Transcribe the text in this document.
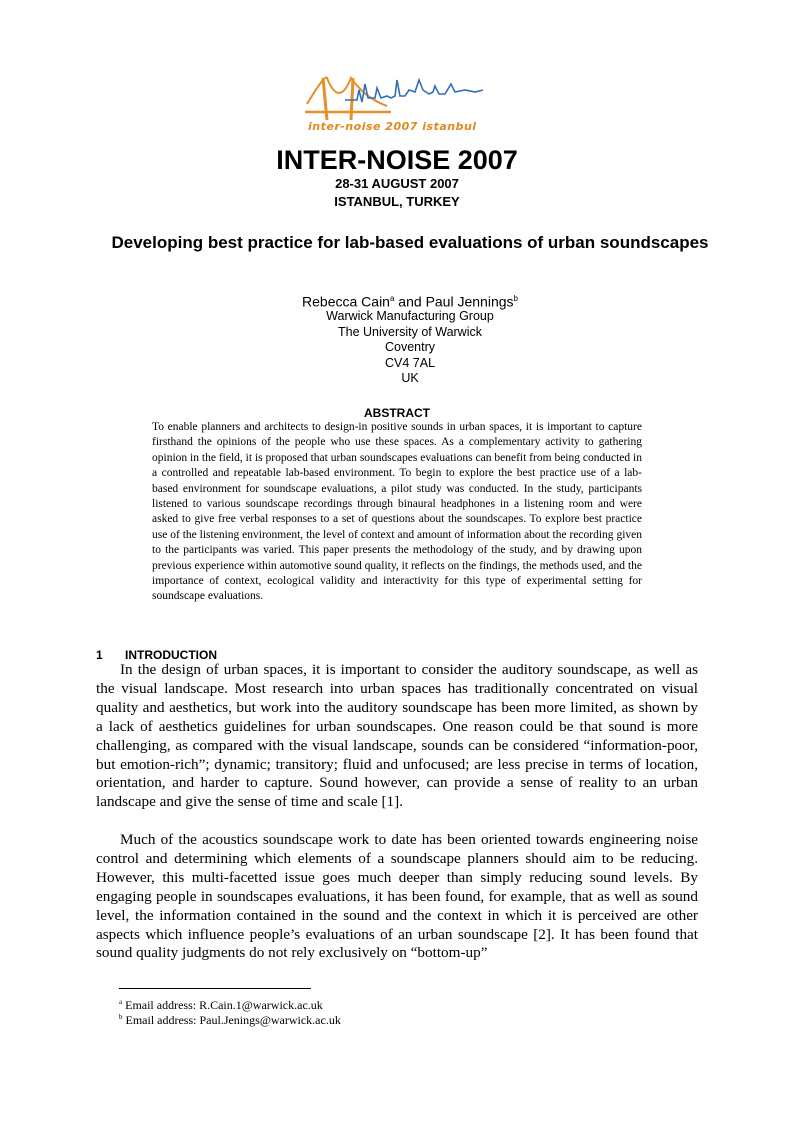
inter-noise 2007 istanbul
INTER-NOISE 2007
28-31 AUGUST 2007
ISTANBUL, TURKEY
Developing best practice for lab-based evaluations of urban soundscapes
Rebecca Cain$^a$ and Paul Jennings$^b$
Warwick Manufacturing Group
The University of Warwick
Coventry
CV4 7AL
UK
ABSTRACT

To enable planners and architects to design-in positive sounds in urban spaces, it is important to capture firsthand the opinions of the people who use these spaces. As a complementary activity to gathering opinion in the field, it is proposed that urban soundscapes evaluations can benefit from being conducted in a controlled and repeatable lab-based environment. To begin to explore the best practice use of a lab-based environment for soundscape evaluations, a pilot study was conducted. In the study, participants listened to various soundscape recordings through binaural headphones in a listening room and were asked to give free verbal responses to a set of questions about the soundscapes. To explore best practice use of the listening environment, the level of context and amount of information about the recording given to the participants was varied. This paper presents the methodology of the study, and by drawing upon previous experience within automotive sound quality, it reflects on the findings, the methods used, and the importance of context, ecological validity and interactivity for this type of experimental setting for soundscape evaluations.

1 INTRODUCTION

In the design of urban spaces, it is important to consider the auditory soundscape, as well as the visual landscape. Most research into urban spaces has traditionally concentrated on visual quality and aesthetics, but work into the auditory soundscape has been more limited, as shown by a lack of aesthetics guidelines for urban soundscapes. One reason could be that sound is more challenging, as compared with the visual landscape, sounds can be considered “information-poor, but emotion-rich”; dynamic; transitory; fluid and unfocused; are less precise in terms of location, orientation, and harder to capture. Sound however, can provide a sense of reality to an urban landscape and give the sense of time and scale [1].

Much of the acoustics soundscape work to date has been oriented towards engineering noise control and determining which elements of a soundscape planners should aim to be reducing. However, this multi-facetted issue goes much deeper than simply reducing sound levels. By engaging people in soundscapes evaluations, it has been found, for example, that as well as sound level, the information contained in the sound and the context in which it is perceived are other aspects which influence people’s evaluations of an urban soundscape [2]. It has been found that sound quality judgments do not rely exclusively on “bottom-up”

$^a$ Email address: R.Cain.1@warwick.ac.uk
$^b$ Email address: Paul.Jenings@warwick.ac.uk
